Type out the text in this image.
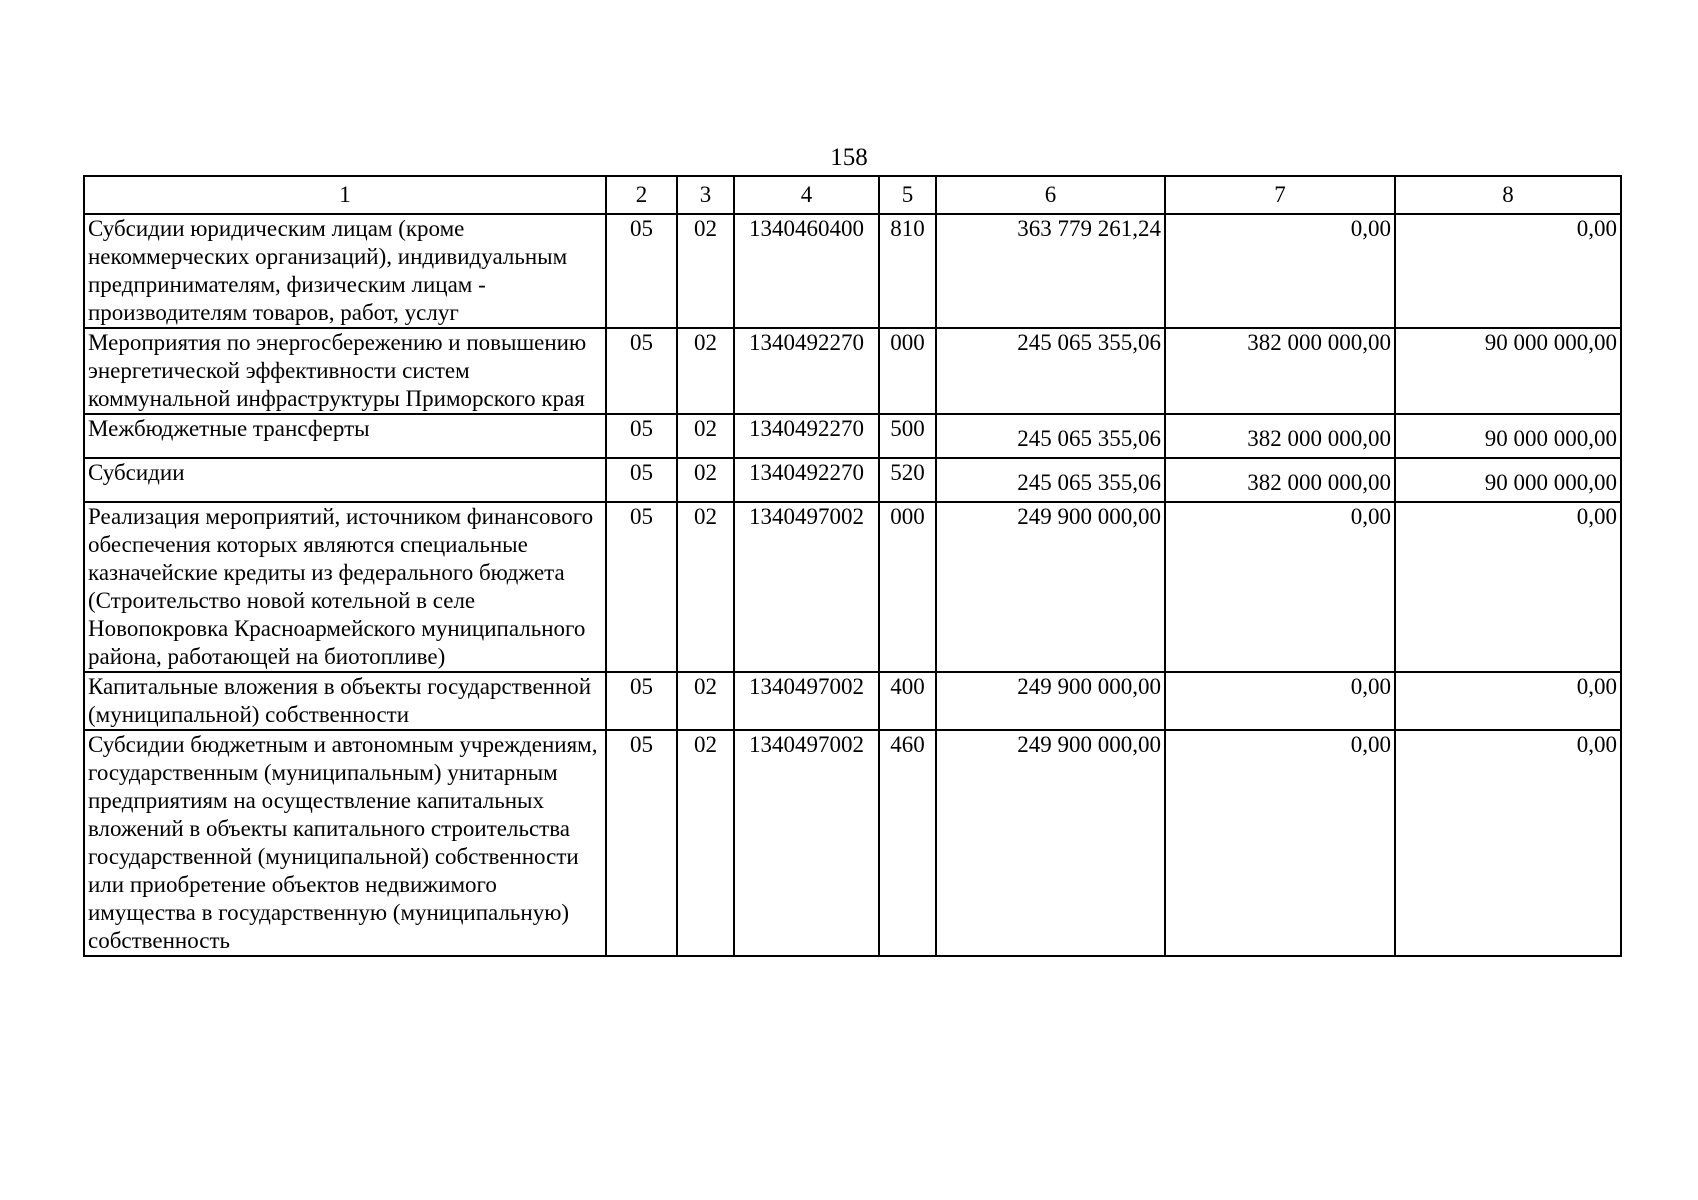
158
1	2	3	4	5	6	7	8
Субсидии юридическим лицам (кроме некоммерческих организаций), индивидуальным предпринимателям, физическим лицам - производителям товаров, работ, услуг	05	02	1340460400	810	363 779 261,24	0,00	0,00
Мероприятия по энергосбережению и повышению энергетической эффективности систем коммунальной инфраструктуры Приморского края	05	02	1340492270	000	245 065 355,06	382 000 000,00	90 000 000,00
Межбюджетные трансферты	05	02	1340492270	500	245 065 355,06	382 000 000,00	90 000 000,00
Субсидии	05	02	1340492270	520	245 065 355,06	382 000 000,00	90 000 000,00
Реализация мероприятий, источником финансового обеспечения которых являются специальные казначейские кредиты из федерального бюджета (Строительство новой котельной в селе Новопокровка Красноармейского муниципального района, работающей на биотопливе)	05	02	1340497002	000	249 900 000,00	0,00	0,00
Капитальные вложения в объекты государственной (муниципальной) собственности	05	02	1340497002	400	249 900 000,00	0,00	0,00
Субсидии бюджетным и автономным учреждениям, государственным (муниципальным) унитарным предприятиям на осуществление капитальных вложений в объекты капитального строительства государственной (муниципальной) собственности или приобретение объектов недвижимого имущества в государственную (муниципальную) собственность	05	02	1340497002	460	249 900 000,00	0,00	0,00
